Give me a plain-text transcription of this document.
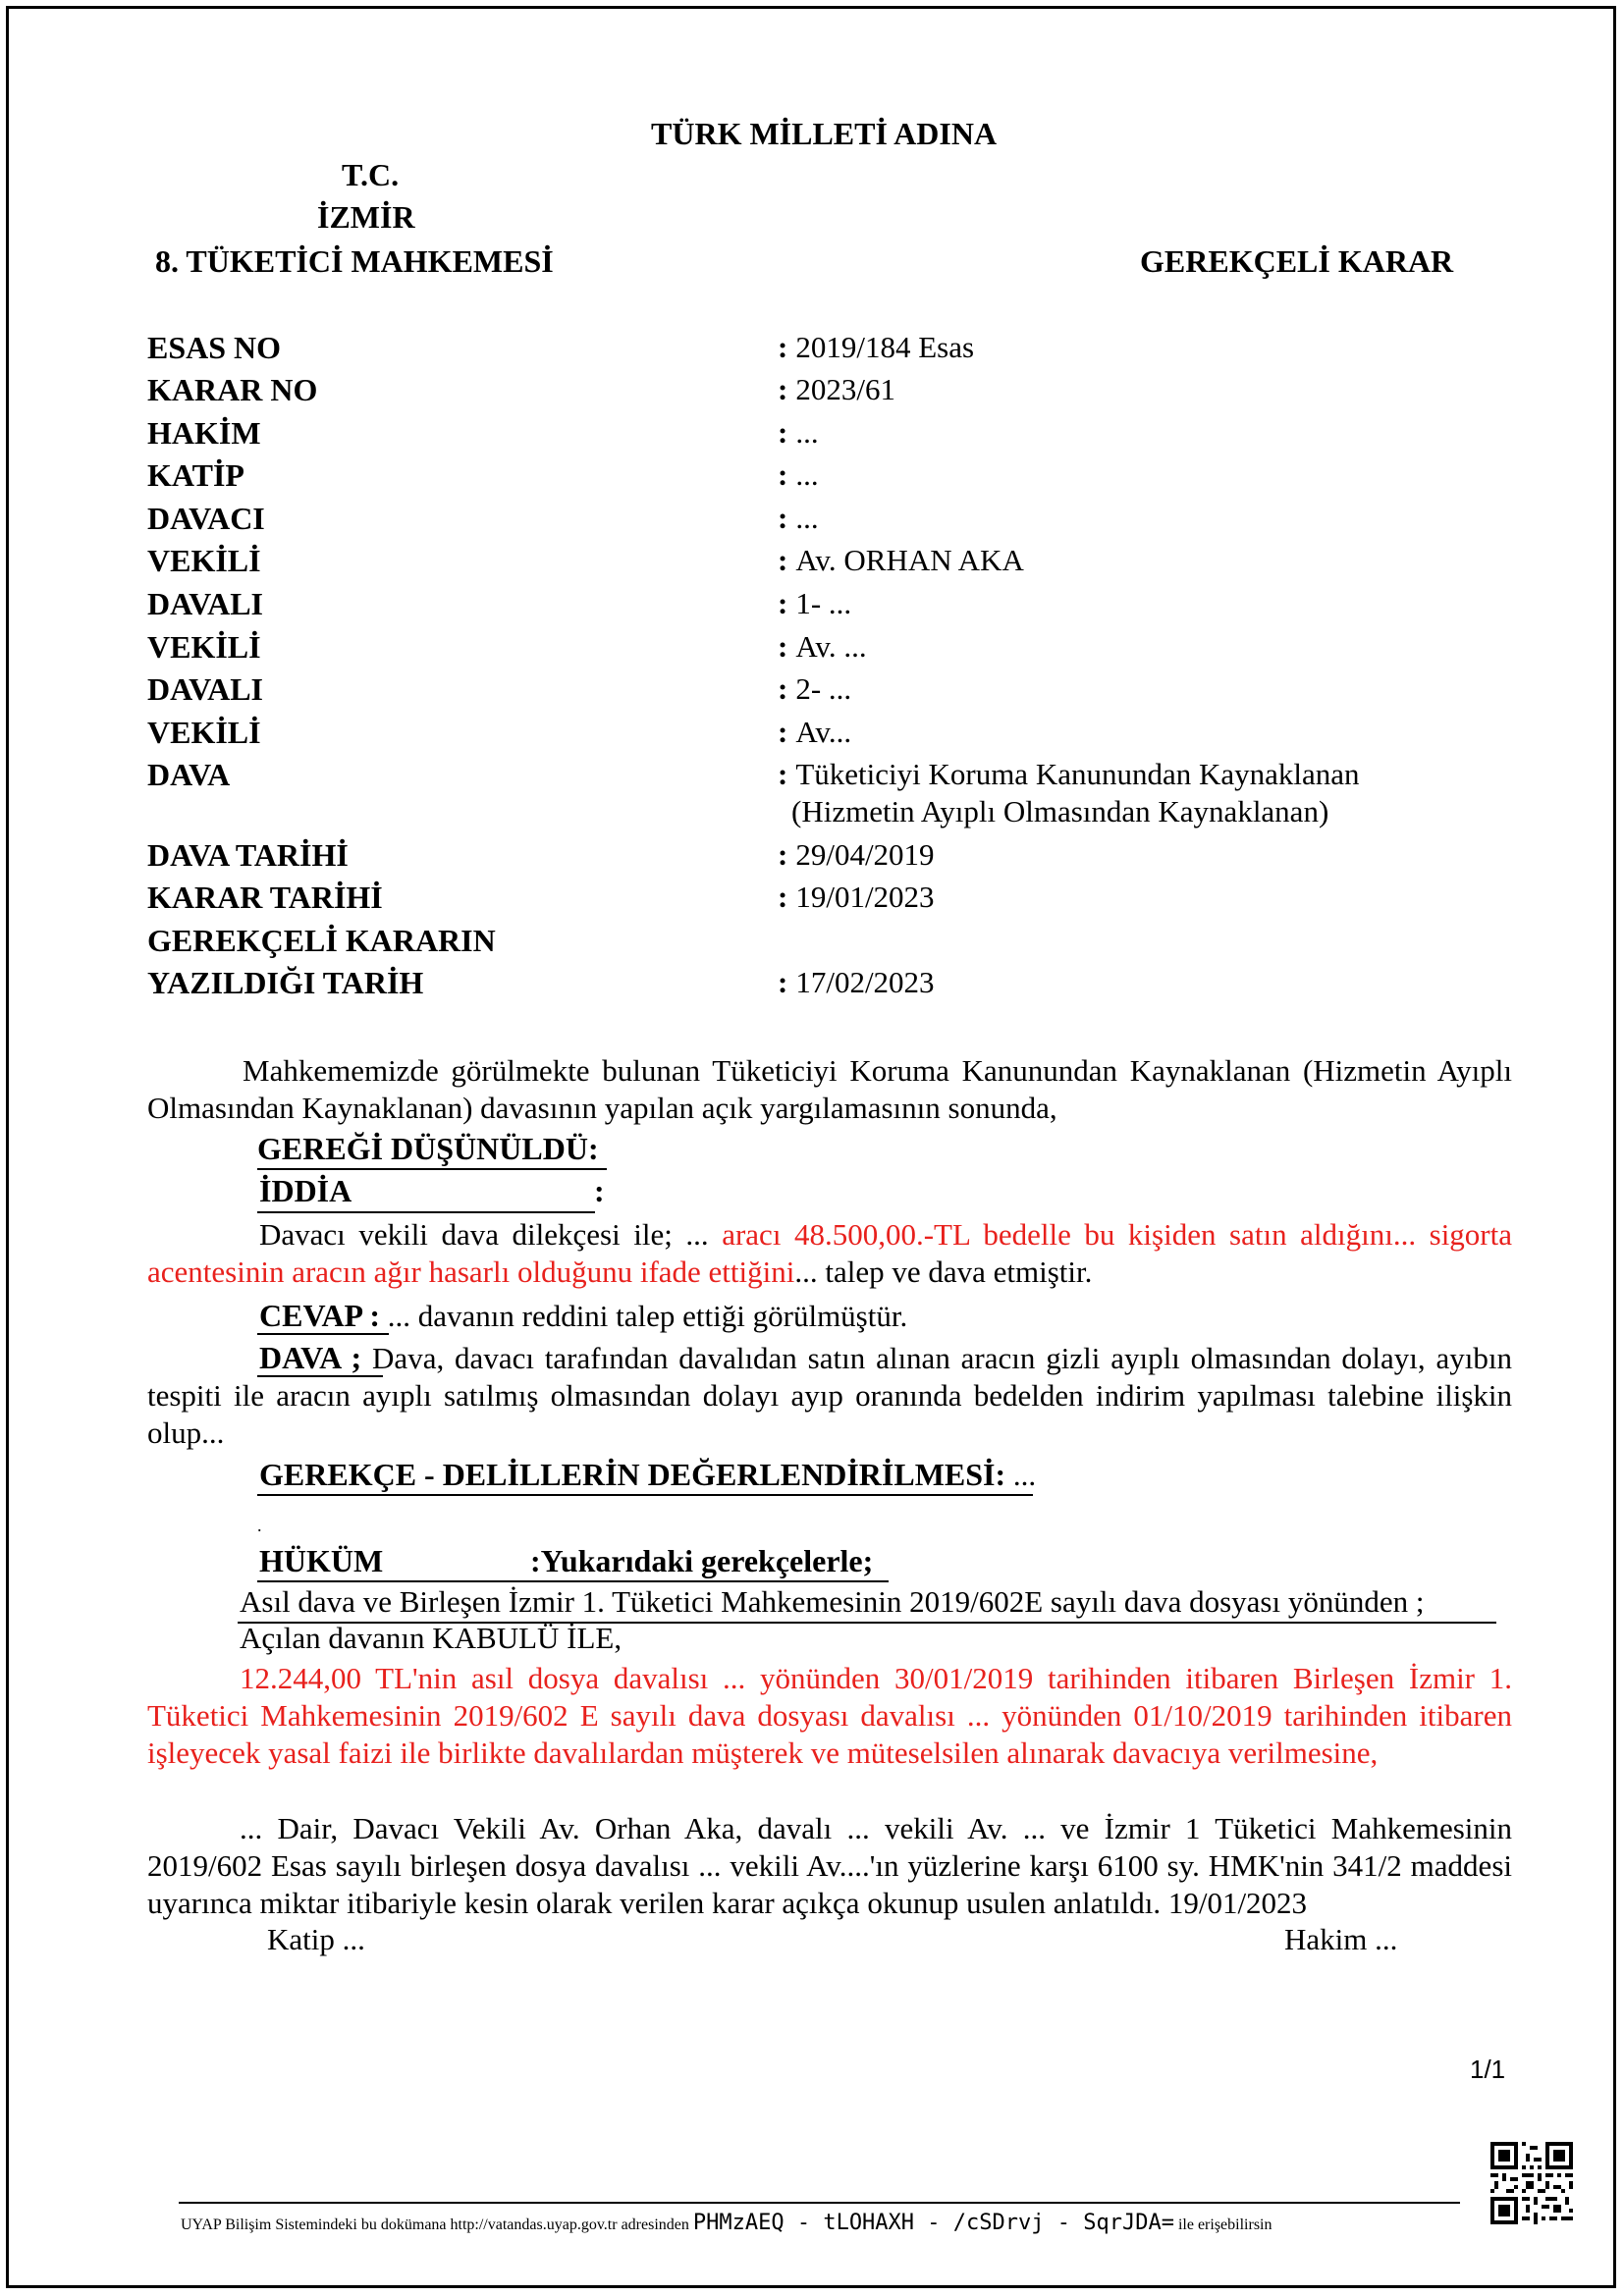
TÜRK MİLLETİ ADINA
T.C.
İZMİR
8. TÜKETİCİ MAHKEMESİ	GEREKÇELİ KARAR
ESAS NO	: 2019/184 Esas
KARAR NO	: 2023/61
HAKİM	: ...
KATİP	: ...
DAVACI	: ...
VEKİLİ	: Av. ORHAN AKA
DAVALI	: 1- ...
VEKİLİ	: Av. ...
DAVALI	: 2- ...
VEKİLİ	: Av...
DAVA	: Tüketiciyi Koruma Kanunundan Kaynaklanan
(Hizmetin Ayıplı Olmasından Kaynaklanan)
DAVA TARİHİ	: 29/04/2019
KARAR TARİHİ	: 19/01/2023
GEREKÇELİ KARARIN
YAZILDIĞI TARİH	: 17/02/2023
Mahkememizde görülmekte bulunan Tüketiciyi Koruma Kanunundan Kaynaklanan (Hizmetin Ayıplı Olmasından Kaynaklanan) davasının yapılan açık yargılamasının sonunda,
GEREĞİ DÜŞÜNÜLDÜ:
İDDİA	:
Davacı vekili dava dilekçesi ile; ... aracı 48.500,00.-TL bedelle bu kişiden satın aldığını... sigorta acentesinin aracın ağır hasarlı olduğunu ifade ettiğini... talep ve dava etmiştir.
CEVAP : ... davanın reddini talep ettiği görülmüştür.
DAVA ; Dava, davacı tarafından davalıdan satın alınan aracın gizli ayıplı olmasından dolayı, ayıbın tespiti ile aracın ayıplı satılmış olmasından dolayı ayıp oranında bedelden indirim yapılması talebine ilişkin olup...
GEREKÇE - DELİLLERİN DEĞERLENDİRİLMESİ: ...
.
HÜKÜM	:Yukarıdaki gerekçelerle;
Asıl dava ve Birleşen İzmir 1. Tüketici Mahkemesinin 2019/602E sayılı dava dosyası yönünden ;
Açılan davanın KABULÜ İLE,
12.244,00 TL'nin asıl dosya davalısı ... yönünden 30/01/2019 tarihinden itibaren Birleşen İzmir 1. Tüketici Mahkemesinin 2019/602 E sayılı dava dosyası davalısı ... yönünden 01/10/2019 tarihinden itibaren işleyecek yasal faizi ile birlikte davalılardan müşterek ve müteselsilen alınarak davacıya verilmesine,
... Dair, Davacı Vekili Av. Orhan Aka, davalı ... vekili Av. ... ve İzmir 1 Tüketici Mahkemesinin 2019/602 Esas sayılı birleşen dosya davalısı ... vekili Av....'ın yüzlerine karşı 6100 sy. HMK'nin 341/2 maddesi uyarınca miktar itibariyle kesin olarak verilen karar açıkça okunup usulen anlatıldı. 19/01/2023
Katip ...	Hakim ...
1/1
UYAP Bilişim Sistemindeki bu dokümana http://vatandas.uyap.gov.tr adresinden PHMzAEQ - tLOHAXH - /cSDrvj - SqrJDA= ile erişebilirsin
